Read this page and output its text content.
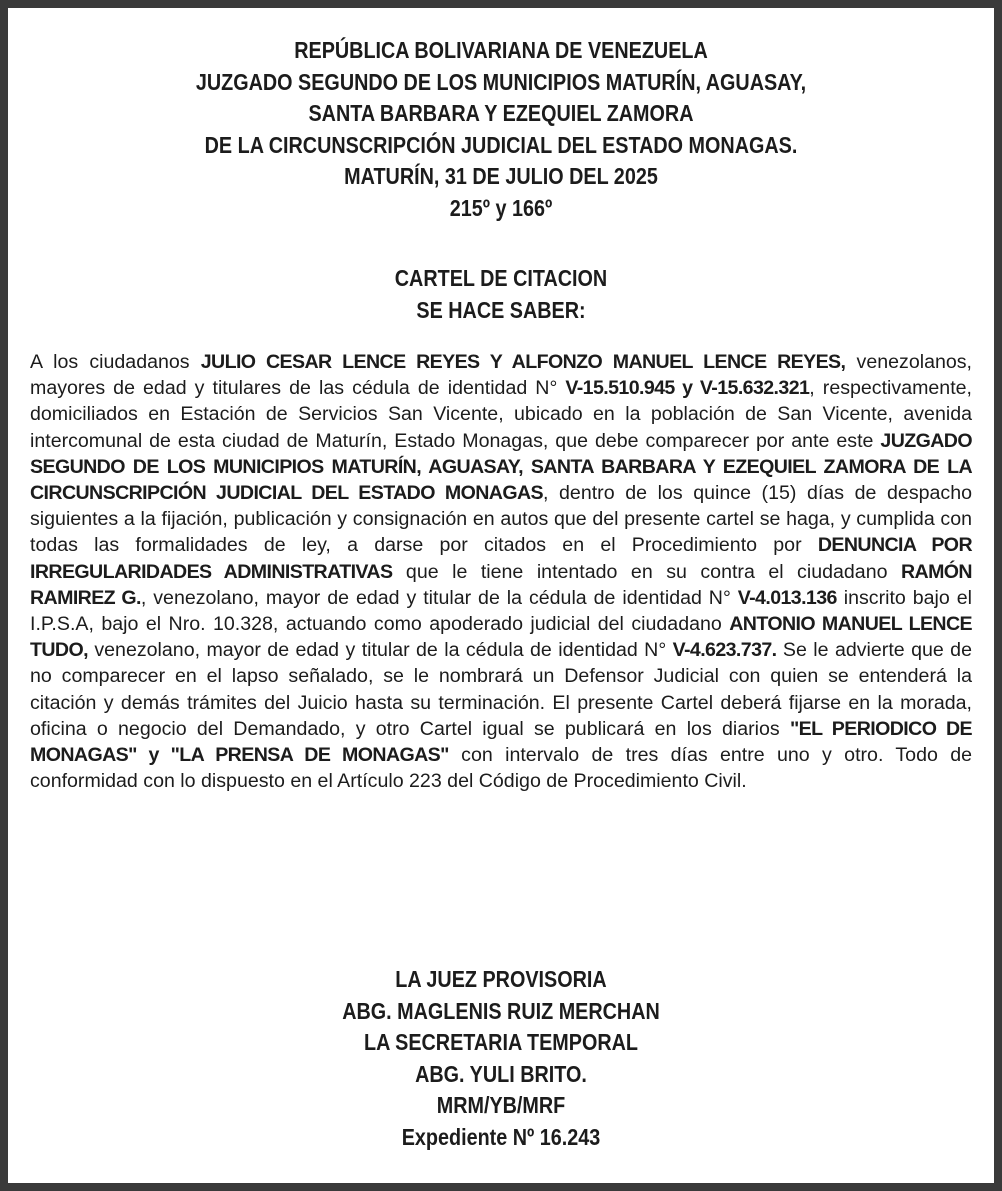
REPÚBLICA BOLIVARIANA DE VENEZUELA
JUZGADO SEGUNDO DE LOS MUNICIPIOS MATURÍN, AGUASAY,
SANTA BARBARA Y EZEQUIEL ZAMORA
DE LA CIRCUNSCRIPCIÓN JUDICIAL DEL ESTADO MONAGAS.
MATURÍN, 31 DE JULIO DEL 2025
215º y 166º
CARTEL DE CITACION
SE HACE SABER:
A los ciudadanos JULIO CESAR LENCE REYES Y ALFONZO MANUEL LENCE REYES, venezolanos, mayores de edad y titulares de las cédula de identidad N° V-15.510.945 y V-15.632.321, respectivamente, domiciliados en Estación de Servicios San Vicente, ubicado en la población de San Vicente, avenida intercomunal de esta ciudad de Maturín, Estado Monagas, que debe comparecer por ante este JUZGADO SEGUNDO DE LOS MUNICIPIOS MATURÍN, AGUASAY, SANTA BARBARA Y EZEQUIEL ZAMORA DE LA CIRCUNSCRIPCIÓN JUDICIAL DEL ESTADO MONAGAS, dentro de los quince (15) días de despacho siguientes a la fijación, publicación y consignación en autos que del presente cartel se haga, y cumplida con todas las formalidades de ley, a darse por citados en el Procedimiento por DENUNCIA POR IRREGULARIDADES ADMINISTRATIVAS que le tiene intentado en su contra el ciudadano RAMÓN RAMIREZ G., venezolano, mayor de edad y titular de la cédula de identidad N° V-4.013.136 inscrito bajo el I.P.S.A, bajo el Nro. 10.328, actuando como apoderado judicial del ciudadano ANTONIO MANUEL LENCE TUDO, venezolano, mayor de edad y titular de la cédula de identidad N° V-4.623.737. Se le advierte que de no comparecer en el lapso señalado, se le nombrará un Defensor Judicial con quien se entenderá la citación y demás trámites del Juicio hasta su terminación. El presente Cartel deberá fijarse en la morada, oficina o negocio del Demandado, y otro Cartel igual se publicará en los diarios "EL PERIODICO DE MONAGAS" y "LA PRENSA DE MONAGAS" con intervalo de tres días entre uno y otro. Todo de conformidad con lo dispuesto en el Artículo 223 del Código de Procedimiento Civil.
LA JUEZ PROVISORIA
ABG. MAGLENIS RUIZ MERCHAN
LA SECRETARIA TEMPORAL
ABG. YULI BRITO.
MRM/YB/MRF
Expediente Nº 16.243
